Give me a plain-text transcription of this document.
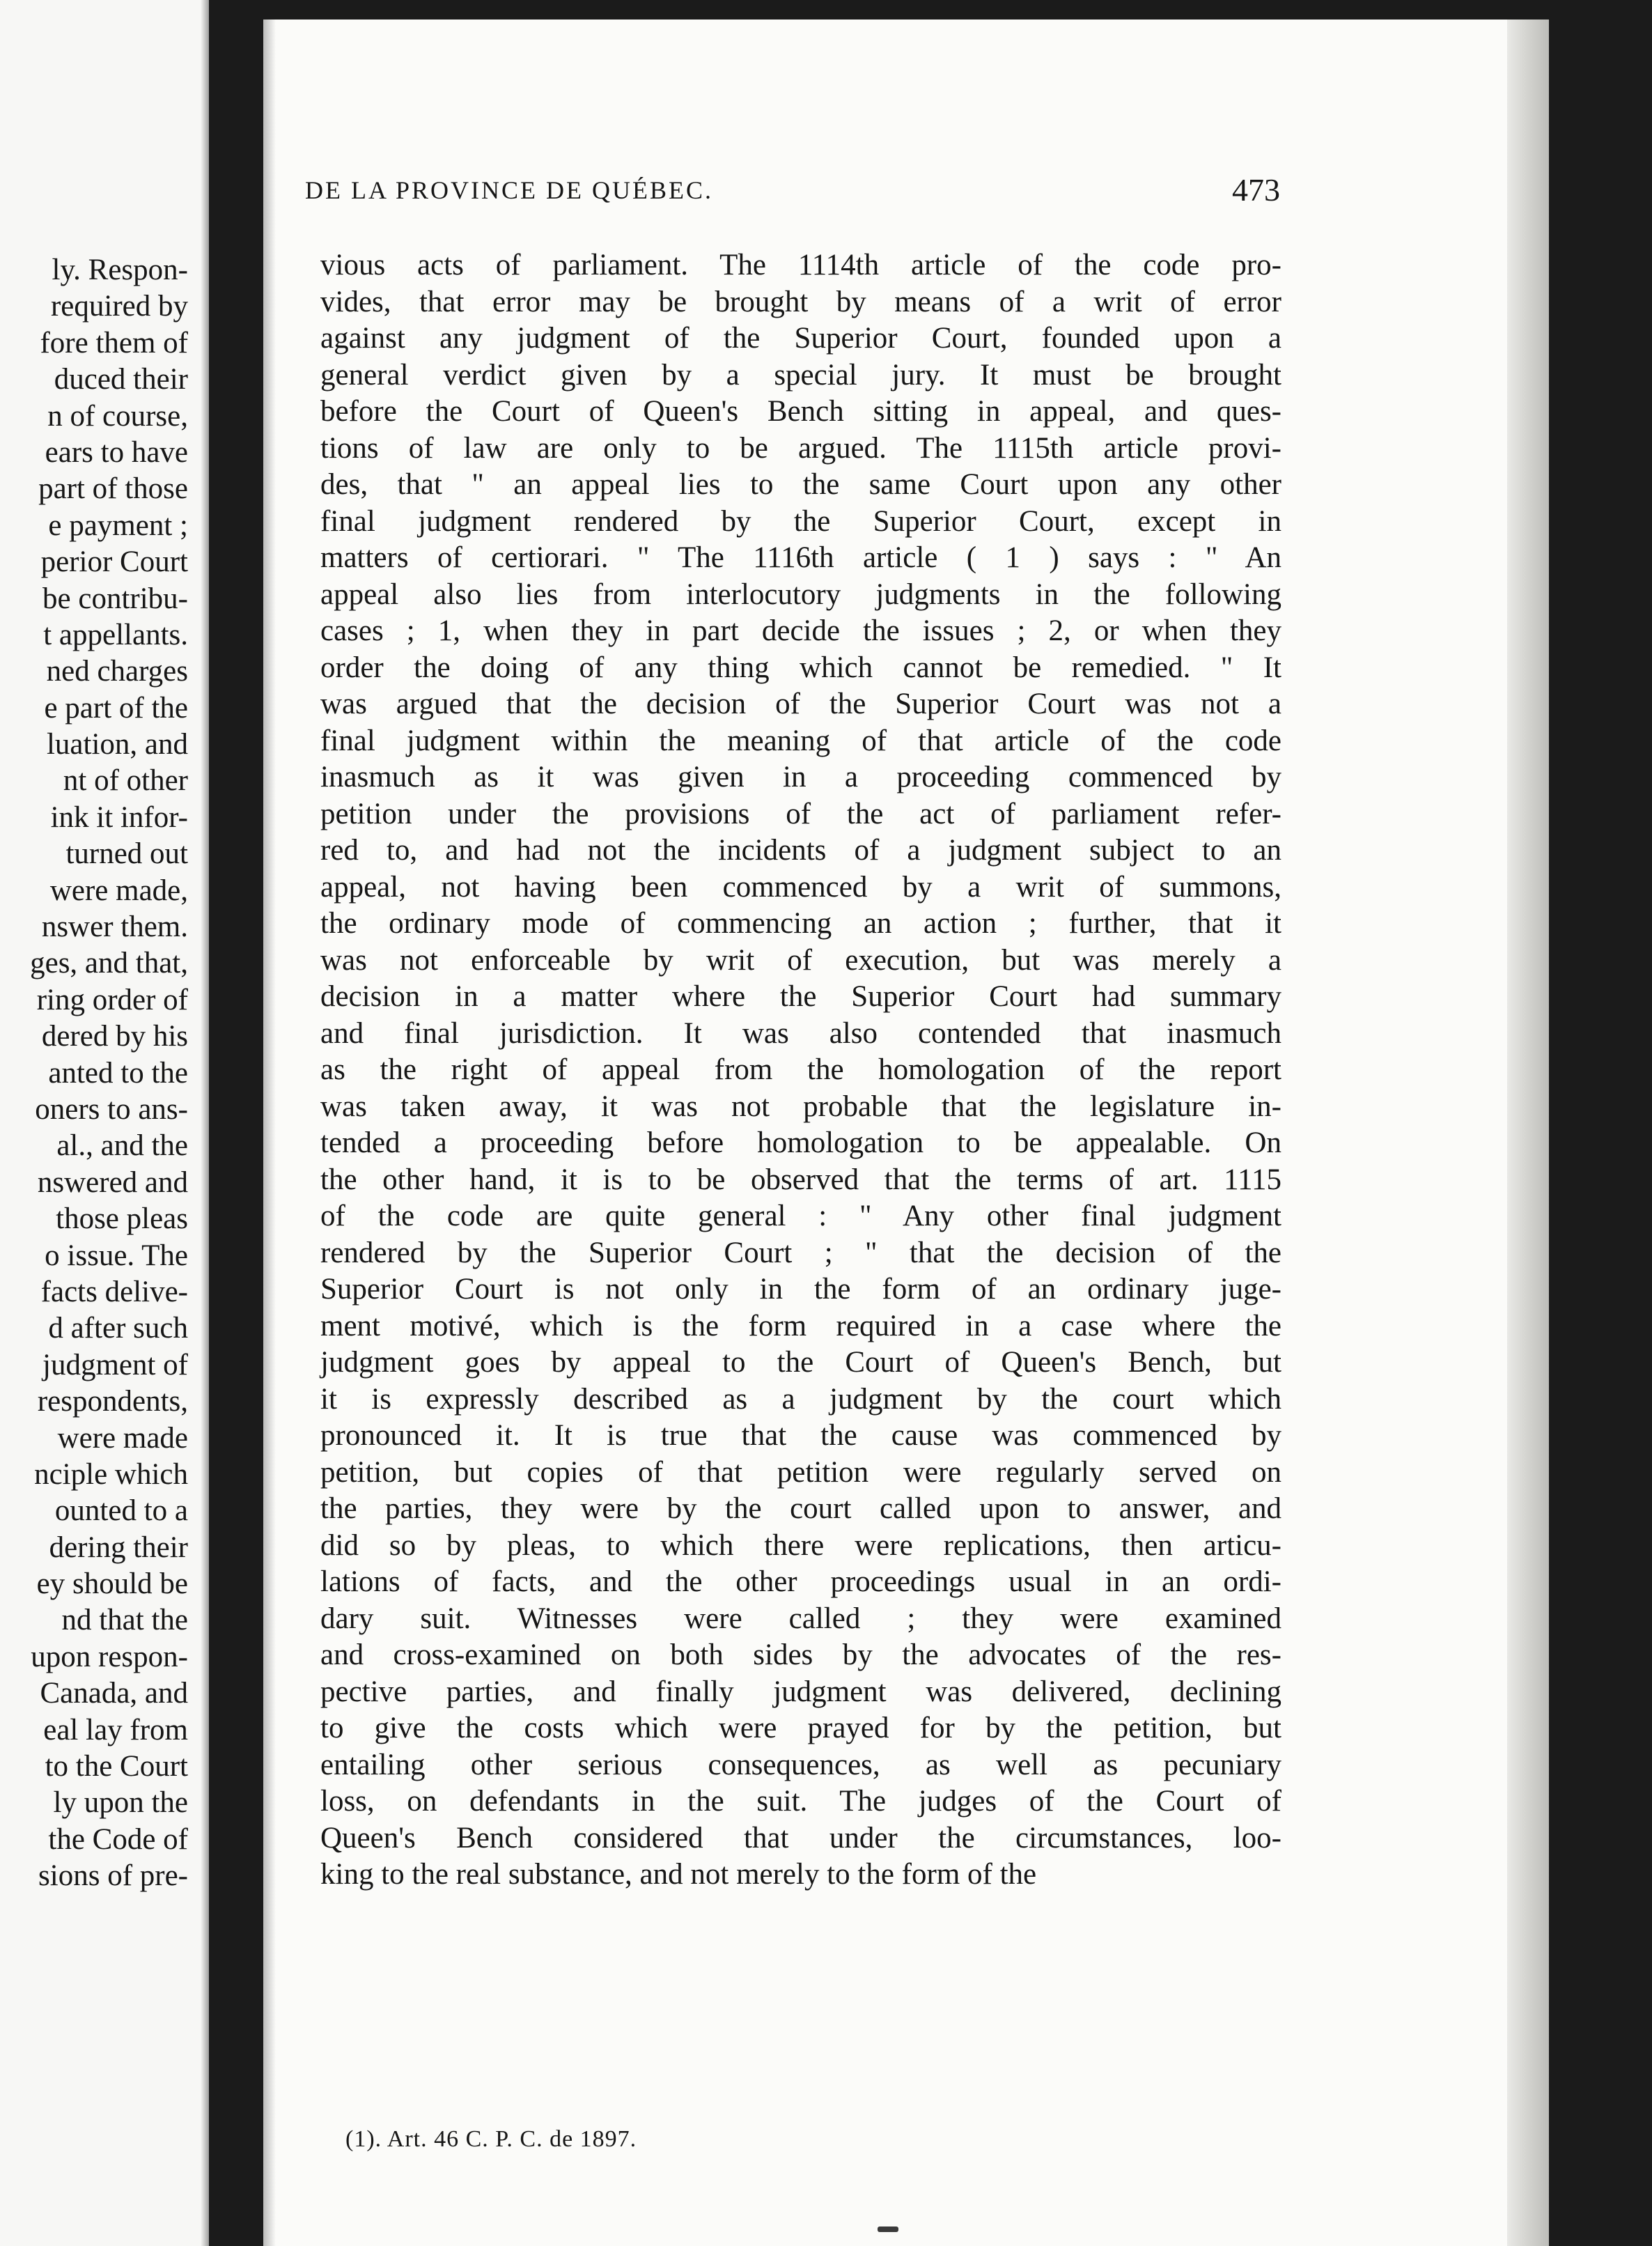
ly. Respon-
required by
fore them of
duced their
n of course,
ears to have
part of those
e payment ;
perior Court
be contribu-
t appellants.
ned charges
e part of the
luation, and
nt of other
ink it infor-
turned out
were made,
nswer them.
ges, and that,
ring order of
dered by his
anted to the
oners to ans-
al., and the
nswered and
those pleas
o issue. The
facts delive-
d after such
judgment of
respondents,
were made
nciple which
ounted to a
dering their
ey should be
nd that the
upon respon-
Canada, and
eal lay from
to the Court
ly upon the
the Code of
sions of pre-
DE LA PROVINCE DE QUÉBEC.	473
vious acts of parliament. The 1114th article of the code pro-
vides, that error may be brought by means of a writ of error
against any judgment of the Superior Court, founded upon a
general verdict given by a special jury. It must be brought
before the Court of Queen's Bench sitting in appeal, and ques-
tions of law are only to be argued. The 1115th article provi-
des, that " an appeal lies to the same Court upon any other
final judgment rendered by the Superior Court, except in
matters of certiorari. " The 1116th article ( 1 ) says : " An
appeal also lies from interlocutory judgments in the following
cases ; 1, when they in part decide the issues ; 2, or when they
order the doing of any thing which cannot be remedied. " It
was argued that the decision of the Superior Court was not a
final judgment within the meaning of that article of the code
inasmuch as it was given in a proceeding commenced by
petition under the provisions of the act of parliament refer-
red to, and had not the incidents of a judgment subject to an
appeal, not having been commenced by a writ of summons,
the ordinary mode of commencing an action ; further, that it
was not enforceable by writ of execution, but was merely a
decision in a matter where the Superior Court had summary
and final jurisdiction. It was also contended that inasmuch
as the right of appeal from the homologation of the report
was taken away, it was not probable that the legislature in-
tended a proceeding before homologation to be appealable. On
the other hand, it is to be observed that the terms of art. 1115
of the code are quite general : " Any other final judgment
rendered by the Superior Court ; " that the decision of the
Superior Court is not only in the form of an ordinary juge-
ment motivé, which is the form required in a case where the
judgment goes by appeal to the Court of Queen's Bench, but
it is expressly described as a judgment by the court which
pronounced it. It is true that the cause was commenced by
petition, but copies of that petition were regularly served on
the parties, they were by the court called upon to answer, and
did so by pleas, to which there were replications, then articu-
lations of facts, and the other proceedings usual in an ordi-
dary suit. Witnesses were called ; they were examined
and cross-examined on both sides by the advocates of the res-
pective parties, and finally judgment was delivered, declining
to give the costs which were prayed for by the petition, but
entailing other serious consequences, as well as pecuniary
loss, on defendants in the suit. The judges of the Court of
Queen's Bench considered that under the circumstances, loo-
king to the real substance, and not merely to the form of the
(1). Art. 46 C. P. C. de 1897.
